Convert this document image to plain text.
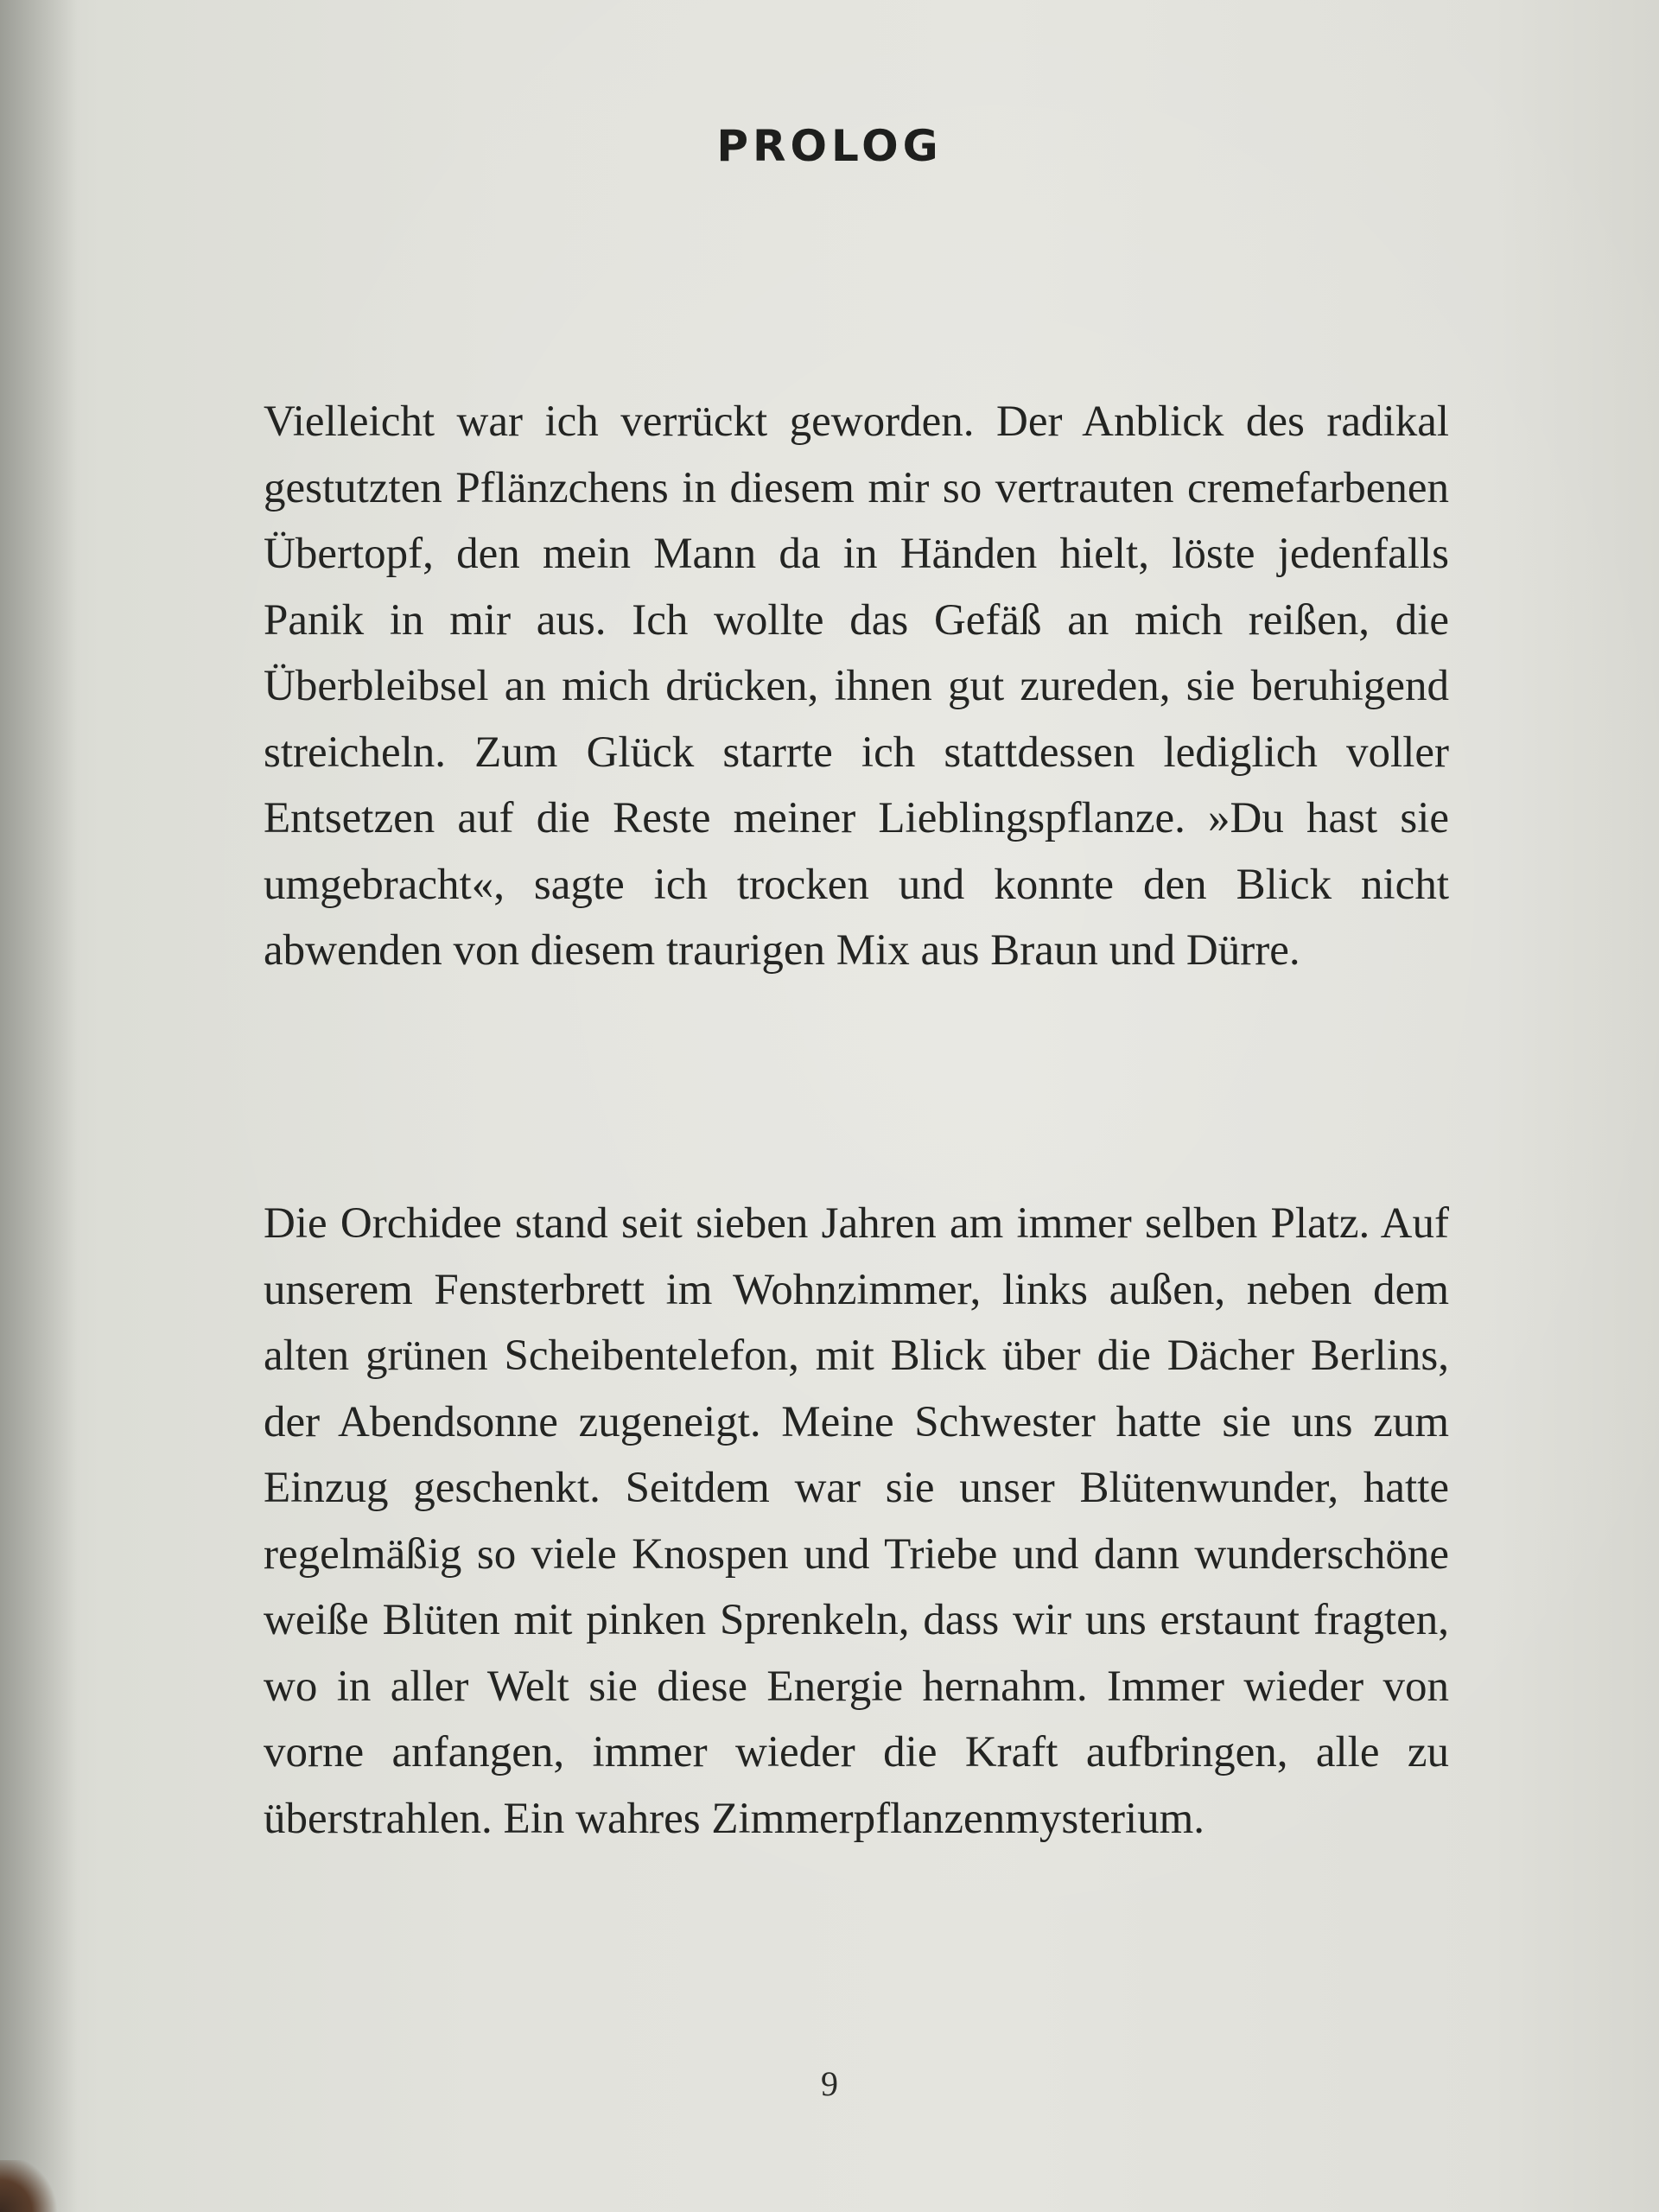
PROLOG

Vielleicht war ich verrückt geworden. Der Anblick des radikal gestutzten Pflänzchens in diesem mir so vertrauten cremefarbenen Übertopf, den mein Mann da in Händen hielt, löste jedenfalls Panik in mir aus. Ich wollte das Gefäß an mich reißen, die Überbleibsel an mich drücken, ihnen gut zureden, sie beruhigend streicheln. Zum Glück starrte ich stattdessen lediglich voller Entsetzen auf die Reste meiner Lieblingspflanze. »Du hast sie umgebracht«, sagte ich trocken und konnte den Blick nicht abwenden von diesem traurigen Mix aus Braun und Dürre.

Die Orchidee stand seit sieben Jahren am immer selben Platz. Auf unserem Fensterbrett im Wohnzimmer, links außen, neben dem alten grünen Scheibentelefon, mit Blick über die Dächer Berlins, der Abendsonne zugeneigt. Meine Schwester hatte sie uns zum Einzug geschenkt. Seitdem war sie unser Blütenwunder, hatte regelmäßig so viele Knospen und Triebe und dann wunderschöne weiße Blüten mit pinken Sprenkeln, dass wir uns erstaunt fragten, wo in aller Welt sie diese Energie hernahm. Immer wieder von vorne anfangen, immer wieder die Kraft aufbringen, alle zu überstrahlen. Ein wahres Zimmerpflanzenmysterium.

9
